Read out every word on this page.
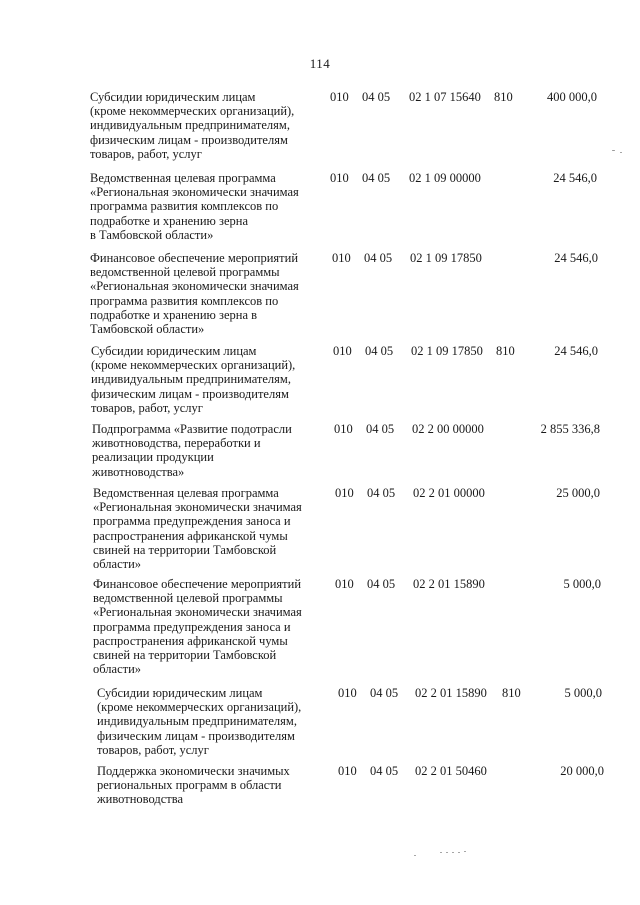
114
Субсидии юридическим лицам
(кроме некоммерческих организаций),
индивидуальным предпринимателям,
физическим лицам - производителям
товаров, работ, услуг
010 04 05 02 1 07 15640 810	400 000,0
Ведомственная целевая программа
«Региональная экономически значимая
программа развития комплексов по
подработке и хранению зерна
в Тамбовской области»
010 04 05 02 1 09 00000	24 546,0
Финансовое обеспечение мероприятий
ведомственной целевой программы
«Региональная экономически значимая
программа развития комплексов по
подработке и хранению зерна в
Тамбовской области»
010 04 05 02 1 09 17850	24 546,0
Субсидии юридическим лицам
(кроме некоммерческих организаций),
индивидуальным предпринимателям,
физическим лицам - производителям
товаров, работ, услуг
010 04 05 02 1 09 17850 810	24 546,0
Подпрограмма «Развитие подотрасли
животноводства, переработки и
реализации продукции
животноводства»
010 04 05 02 2 00 00000	2 855 336,8
Ведомственная целевая программа
«Региональная экономически значимая
программа предупреждения заноса и
распространения африканской чумы
свиней на территории Тамбовской
области»
010 04 05 02 2 01 00000	25 000,0
Финансовое обеспечение мероприятий
ведомственной целевой программы
«Региональная экономически значимая
программа предупреждения заноса и
распространения африканской чумы
свиней на территории Тамбовской
области»
010 04 05 02 2 01 15890	5 000,0
Субсидии юридическим лицам
(кроме некоммерческих организаций),
индивидуальным предпринимателям,
физическим лицам - производителям
товаров, работ, услуг
010 04 05 02 2 01 15890 810	5 000,0
Поддержка экономически значимых
региональных программ в области
животноводства
010 04 05 02 2 01 50460	20 000,0
